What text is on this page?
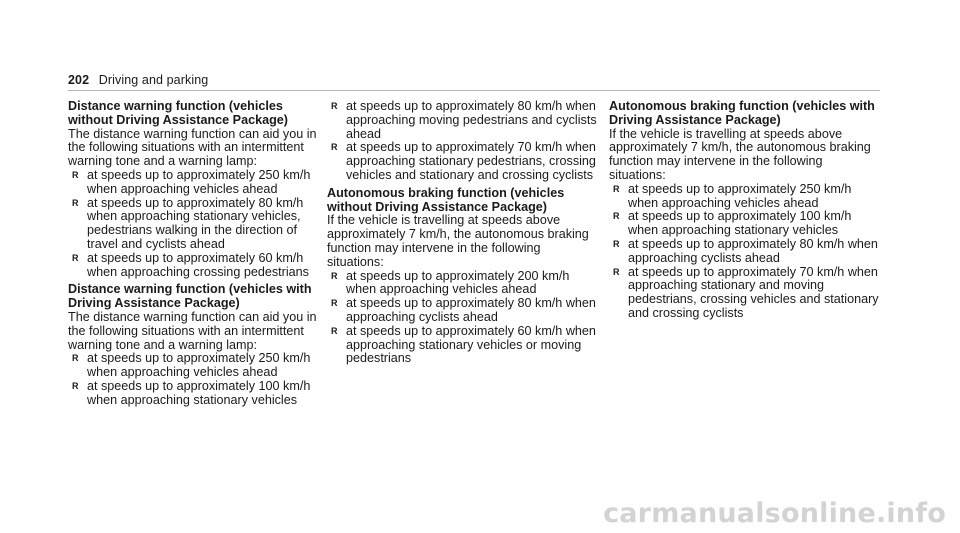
202 Driving and parking

Distance warning function (vehicles without Driving Assistance Package)

The distance warning function can aid you in the following situations with an intermittent warning tone and a warning lamp:

R at speeds up to approximately 250 km/h when approaching vehicles ahead
R at speeds up to approximately 80 km/h when approaching stationary vehicles, pedestrians walking in the direction of travel and cyclists ahead
R at speeds up to approximately 60 km/h when approaching crossing pedestrians

Distance warning function (vehicles with Driving Assistance Package)

The distance warning function can aid you in the following situations with an intermittent warning tone and a warning lamp:

R at speeds up to approximately 250 km/h when approaching vehicles ahead
R at speeds up to approximately 100 km/h when approaching stationary vehicles
R at speeds up to approximately 80 km/h when approaching moving pedestrians and cyclists ahead
R at speeds up to approximately 70 km/h when approaching stationary pedestrians, crossing vehicles and stationary and crossing cyclists

Autonomous braking function (vehicles without Driving Assistance Package)

If the vehicle is travelling at speeds above approximately 7 km/h, the autonomous braking function may intervene in the following situations:

R at speeds up to approximately 200 km/h when approaching vehicles ahead
R at speeds up to approximately 80 km/h when approaching cyclists ahead
R at speeds up to approximately 60 km/h when approaching stationary vehicles or moving pedestrians

Autonomous braking function (vehicles with Driving Assistance Package)

If the vehicle is travelling at speeds above approximately 7 km/h, the autonomous braking function may intervene in the following situations:

R at speeds up to approximately 250 km/h when approaching vehicles ahead
R at speeds up to approximately 100 km/h when approaching stationary vehicles
R at speeds up to approximately 80 km/h when approaching cyclists ahead
R at speeds up to approximately 70 km/h when approaching stationary and moving pedestrians, crossing vehicles and stationary and crossing cyclists
carmanualsonline.info
